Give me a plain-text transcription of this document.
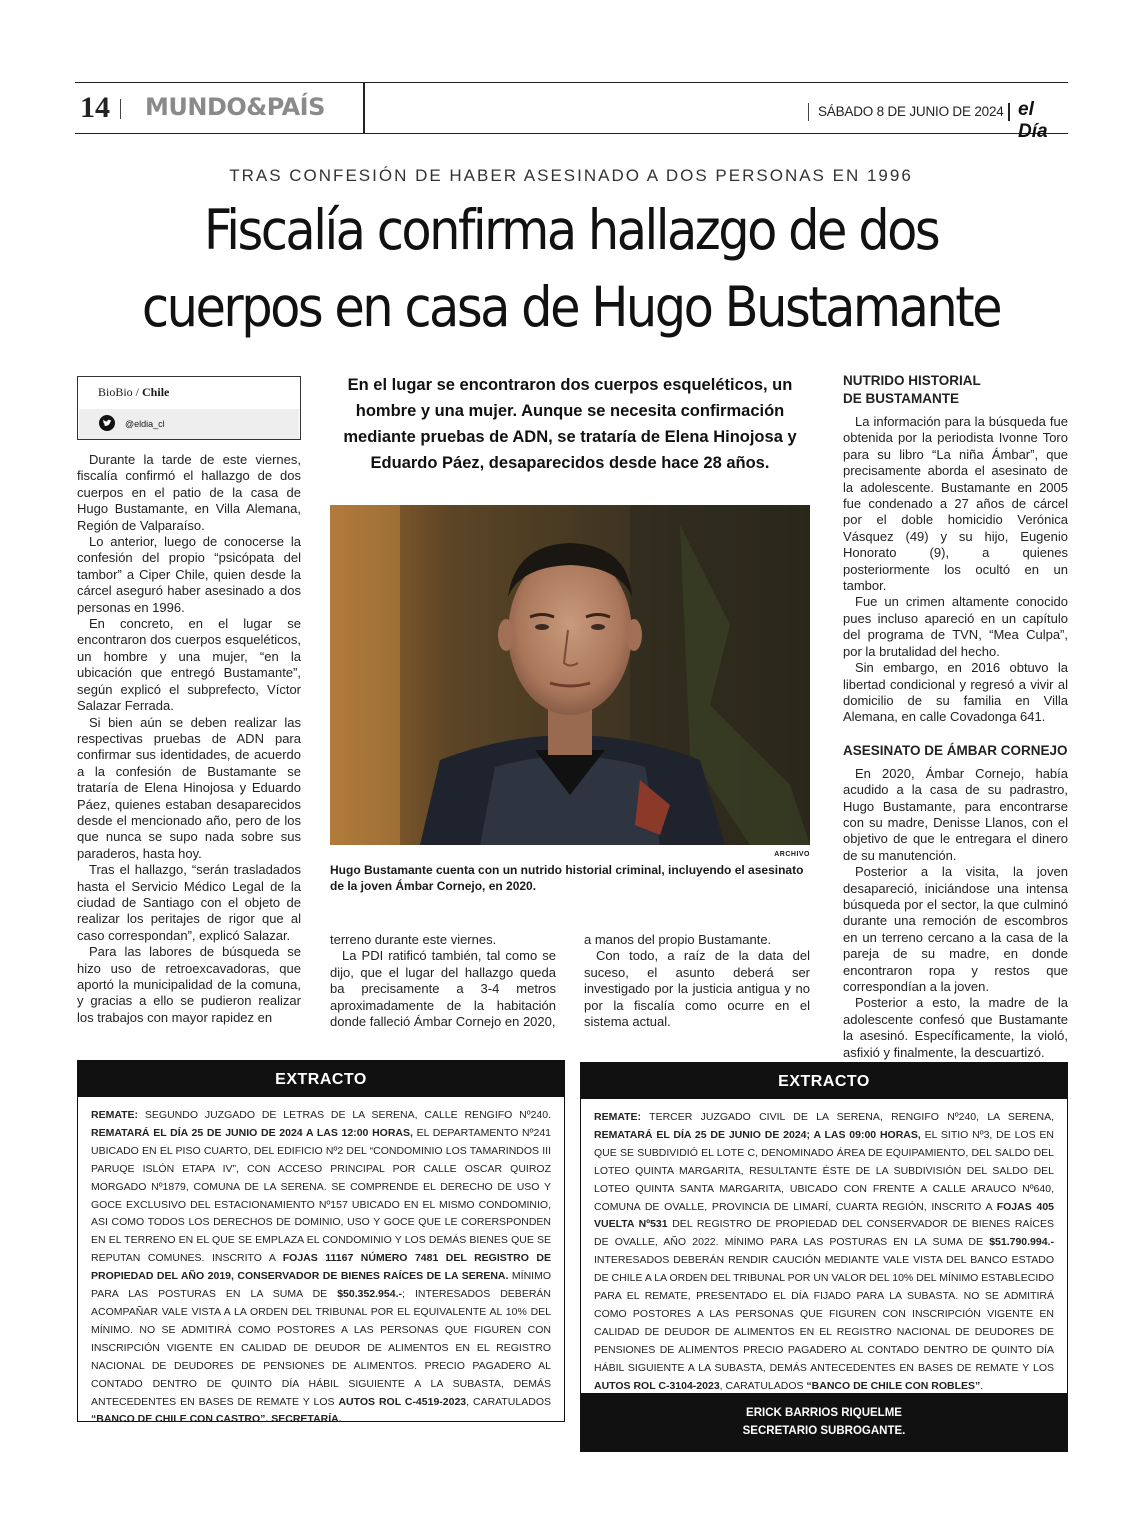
14 MUNDO&PAÍS	SÁBADO 8 DE JUNIO DE 2024 el Día
TRAS CONFESIÓN DE HABER ASESINADO A DOS PERSONAS EN 1996
Fiscalía confirma hallazgo de dos
cuerpos en casa de Hugo Bustamante
BioBio / Chile
@eldia_cl

Durante la tarde de este viernes, fiscalía confirmó el hallazgo de dos cuerpos en el patio de la casa de Hugo Bustamante, en Villa Alemana, Región de Valparaíso.

Lo anterior, luego de conocerse la confesión del propio “psicópata del tambor” a Ciper Chile, quien desde la cárcel aseguró haber asesinado a dos personas en 1996.

En concreto, en el lugar se encontraron dos cuerpos esqueléticos, un hombre y una mujer, “en la ubicación que entregó Bustamante”, según explicó el subprefecto, Víctor Salazar Ferrada.

Si bien aún se deben realizar las respectivas pruebas de ADN para confirmar sus identidades, de acuerdo a la confesión de Bustamante se trataría de Elena Hinojosa y Eduardo Páez, quienes estaban desaparecidos desde el mencionado año, pero de los que nunca se supo nada sobre sus paraderos, hasta hoy.

Tras el hallazgo, “serán trasladados hasta el Servicio Médico Legal de la ciudad de Santiago con el objeto de realizar los peritajes de rigor que al caso correspondan”, explicó Salazar.

Para las labores de búsqueda se hizo uso de retroexcavadoras, que aportó la municipalidad de la comuna, y gracias a ello se pudieron realizar los trabajos con mayor rapidez en

En el lugar se encontraron dos cuerpos esqueléticos, un hombre y una mujer. Aunque se necesita confirmación mediante pruebas de ADN, se trataría de Elena Hinojosa y Eduardo Páez, desaparecidos desde hace 28 años.
ARCHIVO
Hugo Bustamante cuenta con un nutrido historial criminal, incluyendo el asesinato de la joven Ámbar Cornejo, en 2020.

terreno durante este viernes.

La PDI ratificó también, tal como se dijo, que el lugar del hallazgo queda ba precisamente a 3-4 metros aproximadamente de la habitación donde falleció Ámbar Cornejo en 2020,

a manos del propio Bustamante.

Con todo, a raíz de la data del suceso, el asunto deberá ser investigado por la justicia antigua y no por la fiscalía como ocurre en el sistema actual.

NUTRIDO HISTORIAL
DE BUSTAMANTE

La información para la búsqueda fue obtenida por la periodista Ivonne Toro para su libro “La niña Ámbar”, que precisamente aborda el asesinato de la adolescente. Bustamante en 2005 fue condenado a 27 años de cárcel por el doble homicidio Verónica Vásquez (49) y su hijo, Eugenio Honorato (9), a quienes posteriormente los ocultó en un tambor.

Fue un crimen altamente conocido pues incluso apareció en un capítulo del programa de TVN, “Mea Culpa”, por la brutalidad del hecho.

Sin embargo, en 2016 obtuvo la libertad condicional y regresó a vivir al domicilio de su familia en Villa Alemana, en calle Covadonga 641.

ASESINATO DE ÁMBAR CORNEJO

En 2020, Ámbar Cornejo, había acudido a la casa de su padrastro, Hugo Bustamante, para encontrarse con su madre, Denisse Llanos, con el objetivo de que le entregara el dinero de su manutención.

Posterior a la visita, la joven desapareció, iniciándose una intensa búsqueda por el sector, la que culminó durante una remoción de escombros en un terreno cercano a la casa de la pareja de su madre, en donde encontraron ropa y restos que correspondían a la joven.

Posterior a esto, la madre de la adolescente confesó que Bustamante la asesinó. Específicamente, la violó, asfixió y finalmente, la descuartizó.

EXTRACTO
REMATE: SEGUNDO JUZGADO DE LETRAS DE LA SERENA, CALLE RENGIFO Nº240. REMATARÁ EL DÍA 25 DE JUNIO DE 2024 A LAS 12:00 HORAS, EL DEPARTAMENTO Nº241 UBICADO EN EL PISO CUARTO, DEL EDIFICIO Nº2 DEL “CONDOMINIO LOS TAMARINDOS III PARUQE ISLÓN ETAPA IV”, CON ACCESO PRINCIPAL POR CALLE OSCAR QUIROZ MORGADO Nº1879, COMUNA DE LA SERENA. SE COMPRENDE EL DERECHO DE USO Y GOCE EXCLUSIVO DEL ESTACIONAMIENTO Nº157 UBICADO EN EL MISMO CONDOMINIO, ASI COMO TODOS LOS DERECHOS DE DOMINIO, USO Y GOCE QUE LE CORERSPONDEN EN EL TERRENO EN EL QUE SE EMPLAZA EL CONDOMINIO Y LOS DEMÁS BIENES QUE SE REPUTAN COMUNES. INSCRITO A FOJAS 11167 NÚMERO 7481 DEL REGISTRO DE PROPIEDAD DEL AÑO 2019, CONSERVADOR DE BIENES RAÍCES DE LA SERENA. MÍNIMO PARA LAS POSTURAS EN LA SUMA DE $50.352.954.-; INTERESADOS DEBERÁN ACOMPAÑAR VALE VISTA A LA ORDEN DEL TRIBUNAL POR EL EQUIVALENTE AL 10% DEL MÍNIMO. NO SE ADMITIRÁ COMO POSTORES A LAS PERSONAS QUE FIGUREN CON INSCRIPCIÓN VIGENTE EN CALIDAD DE DEUDOR DE ALIMENTOS EN EL REGISTRO NACIONAL DE DEUDORES DE PENSIONES DE ALIMENTOS. PRECIO PAGADERO AL CONTADO DENTRO DE QUINTO DÍA HÁBIL SIGUIENTE A LA SUBASTA, DEMÁS ANTECEDENTES EN BASES DE REMATE Y LOS AUTOS ROL C-4519-2023, CARATULADOS “BANCO DE CHILE CON CASTRO”. SECRETARÍA.
EXTRACTO
REMATE: TERCER JUZGADO CIVIL DE LA SERENA, RENGIFO Nº240, LA SERENA, REMATARÁ EL DÍA 25 DE JUNIO DE 2024; A LAS 09:00 HORAS, EL SITIO Nº3, DE LOS EN QUE SE SUBDIVIDIÓ EL LOTE C, DENOMINADO ÁREA DE EQUIPAMIENTO, DEL SALDO DEL LOTEO QUINTA MARGARITA, RESULTANTE ÉSTE DE LA SUBDIVISIÓN DEL SALDO DEL LOTEO QUINTA SANTA MARGARITA, UBICADO CON FRENTE A CALLE ARAUCO Nº640, COMUNA DE OVALLE, PROVINCIA DE LIMARÍ, CUARTA REGIÓN, INSCRITO A FOJAS 405 VUELTA Nº531 DEL REGISTRO DE PROPIEDAD DEL CONSERVADOR DE BIENES RAÍCES DE OVALLE, AÑO 2022. MÍNIMO PARA LAS POSTURAS EN LA SUMA DE $51.790.994.- INTERESADOS DEBERÁN RENDIR CAUCIÓN MEDIANTE VALE VISTA DEL BANCO ESTADO DE CHILE A LA ORDEN DEL TRIBUNAL POR UN VALOR DEL 10% DEL MÍNIMO ESTABLECIDO PARA EL REMATE, PRESENTADO EL DÍA FIJADO PARA LA SUBASTA. NO SE ADMITIRÁ COMO POSTORES A LAS PERSONAS QUE FIGUREN CON INSCRIPCIÓN VIGENTE EN CALIDAD DE DEUDOR DE ALIMENTOS EN EL REGISTRO NACIONAL DE DEUDORES DE PENSIONES DE ALIMENTOS PRECIO PAGADERO AL CONTADO DENTRO DE QUINTO DÍA HÁBIL SIGUIENTE A LA SUBASTA, DEMÁS ANTECEDENTES EN BASES DE REMATE Y LOS AUTOS ROL C-3104-2023, CARATULADOS “BANCO DE CHILE CON ROBLES”.
ERICK BARRIOS RIQUELME
SECRETARIO SUBROGANTE.
